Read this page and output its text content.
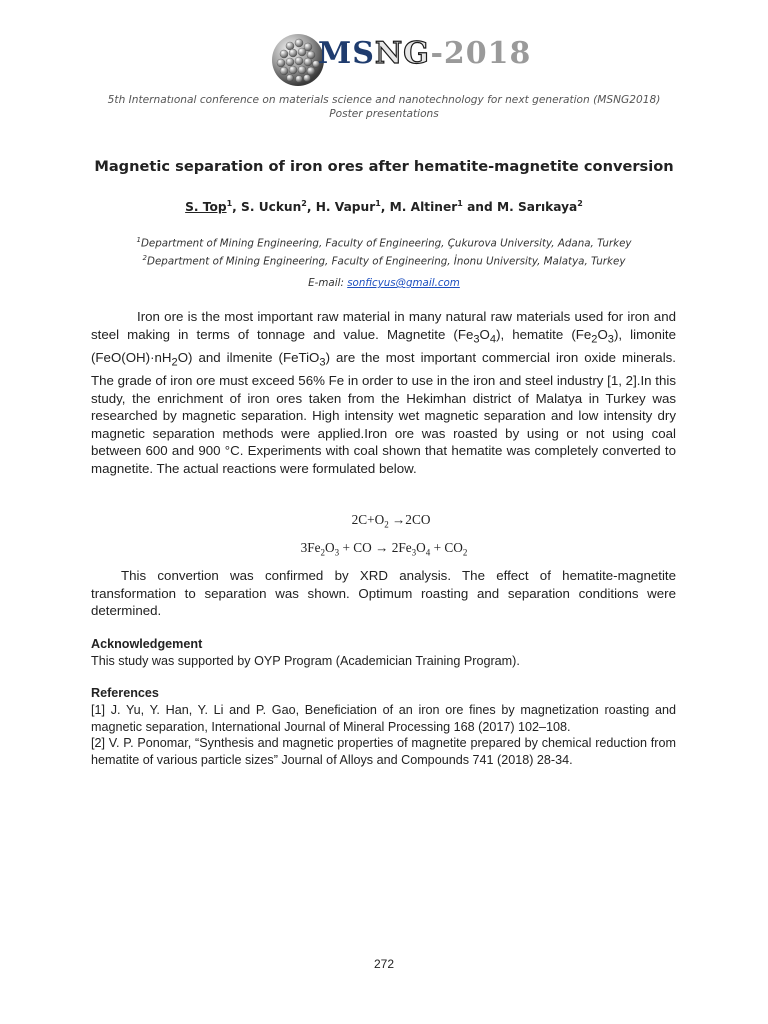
MSNG-2018
5th Internatıonal conference on materials science and nanotechnology for next generation (MSNG2018)
Poster presentations
Magnetic separation of iron ores after hematite-magnetite conversion
S. Top$^1$, S. Uckun$^2$, H. Vapur$^1$, M. Altiner$^1$ and M. Sarıkaya$^2$
$^1$Department of Mining Engineering, Faculty of Engineering, Çukurova University, Adana, Turkey
$^2$Department of Mining Engineering, Faculty of Engineering, İnonu University, Malatya, Turkey
E-mail: sonficyus@gmail.com
Iron ore is the most important raw material in many natural raw materials used for iron and steel making in terms of tonnage and value. Magnetite $(Fe_3O_4)$, hematite $(Fe_2O_3)$, limonite $(FeO(OH)\cdot nH_2O)$ and ilmenite (FeTiO$_3$) are the most important commercial iron oxide minerals. The grade of iron ore must exceed 56% Fe in order to use in the iron and steel industry [1, 2].In this study, the enrichment of iron ores taken from the Hekimhan district of Malatya in Turkey was researched by magnetic separation. High intensity wet magnetic separation and low intensity dry magnetic separation methods were applied.Iron ore was roasted by using or not using coal between 600 and 900 °C. Experiments with coal shown that hematite was completely converted to magnetite. The actual reactions were formulated below.
$2C+O_2 \to 2CO$
$3Fe_2O_3$ + CO → $2Fe_3O_4 + CO_2$
This convertion was confirmed by XRD analysis. The effect of hematite-magnetite transformation to separation was shown. Optimum roasting and separation conditions were determined.
Acknowledgement
This study was supported by OYP Program (Academician Training Program).
References

[1] J. Yu, Y. Han, Y. Li and P. Gao, Beneficiation of an iron ore fines by magnetization roasting and magnetic separation, International Journal of Mineral Processing 168 (2017) 102–108.

[2] V. P. Ponomar, “Synthesis and magnetic properties of magnetite prepared by chemical reduction from hematite of various particle sizes” Journal of Alloys and Compounds 741 (2018) 28-34.

272
